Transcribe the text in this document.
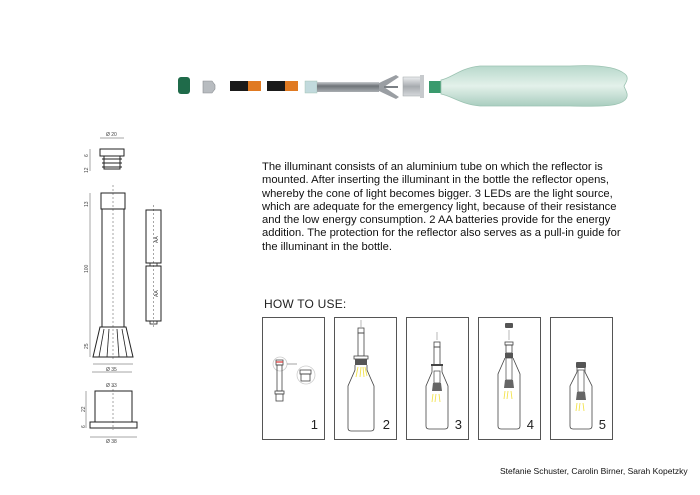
Ø 20
6
12
13
100
25
Ø 35
AA
AA
Ø 33
22
6
Ø 38
The illuminant consists of an aluminium tube on which the reflector is mounted. After inserting the illuminant in the bottle the reflector opens, whereby the cone of light becomes bigger. 3 LEDs are the light source, which are adequate for the emergency light, because of their resistance and the low energy consumption. 2 AA batteries provide for the energy addition. The protection for the reflector also serves as a pull-in guide for the illuminant in the bottle.
HOW TO USE:
1	2	3	4	5
Stefanie Schuster, Carolin Birner, Sarah Kopetzky
